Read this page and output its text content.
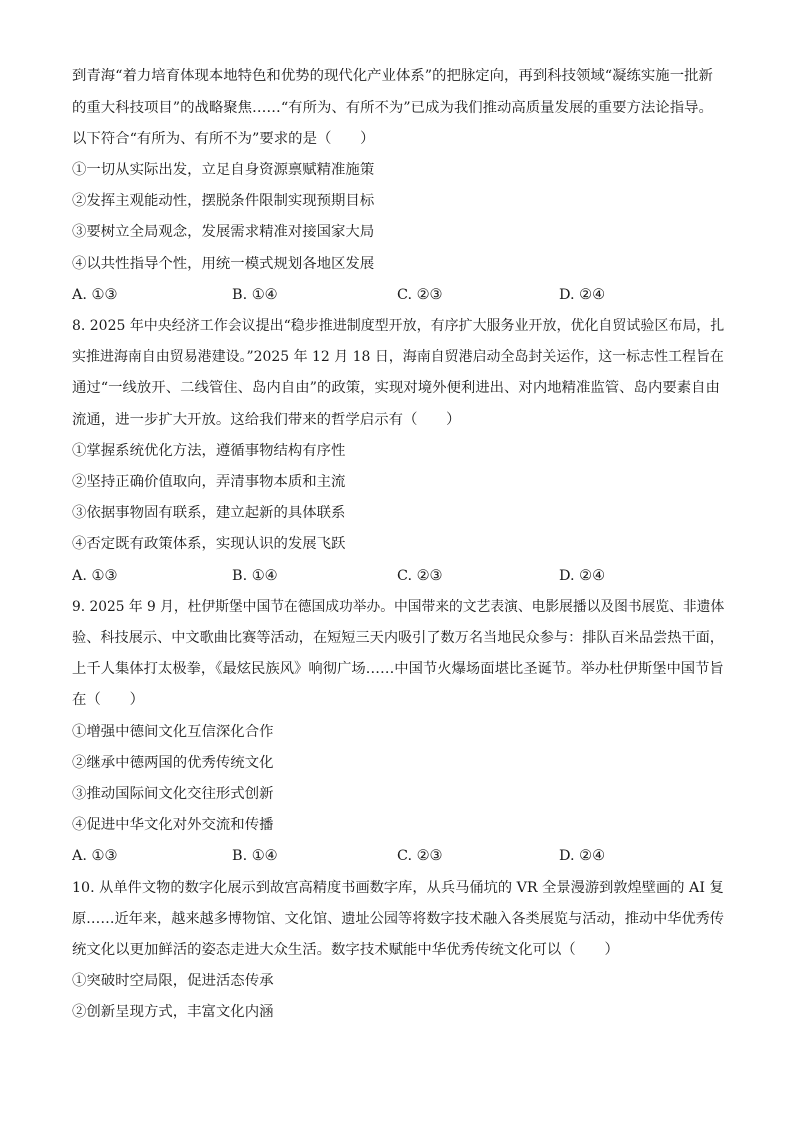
到青海“着力培育体现本地特色和优势的现代化产业体系”的把脉定向，再到科技领域“凝练实施一批新
的重大科技项目”的战略聚焦……“有所为、有所不为”已成为我们推动高质量发展的重要方法论指导。
以下符合“有所为、有所不为”要求的是（　　）
①一切从实际出发，立足自身资源禀赋精准施策
②发挥主观能动性，摆脱条件限制实现预期目标
③要树立全局观念，发展需求精准对接国家大局
④以共性指导个性，用统一模式规划各地区发展
A. ①③	B. ①④	C. ②③	D. ②④
8. 2025 年中央经济工作会议提出“稳步推进制度型开放，有序扩大服务业开放，优化自贸试验区布局，扎
实推进海南自由贸易港建设。”2025 年 12 月 18 日，海南自贸港启动全岛封关运作，这一标志性工程旨在
通过“一线放开、二线管住、岛内自由”的政策，实现对境外便利进出、对内地精准监管、岛内要素自由
流通，进一步扩大开放。这给我们带来的哲学启示有（　　）
①掌握系统优化方法，遵循事物结构有序性
②坚持正确价值取向，弄清事物本质和主流
③依据事物固有联系，建立起新的具体联系
④否定既有政策体系，实现认识的发展飞跃
A. ①③	B. ①④	C. ②③	D. ②④
9. 2025 年 9 月，杜伊斯堡中国节在德国成功举办。中国带来的文艺表演、电影展播以及图书展览、非遗体
验、科技展示、中文歌曲比赛等活动，在短短三天内吸引了数万名当地民众参与：排队百米品尝热干面，
上千人集体打太极拳，《最炫民族风》响彻广场……中国节火爆场面堪比圣诞节。举办杜伊斯堡中国节旨
在（　　）
①增强中德间文化互信深化合作
②继承中德两国的优秀传统文化
③推动国际间文化交往形式创新
④促进中华文化对外交流和传播
A. ①③	B. ①④	C. ②③	D. ②④
10. 从单件文物的数字化展示到故宫高精度书画数字库，从兵马俑坑的 VR 全景漫游到敦煌壁画的 AI 复
原……近年来，越来越多博物馆、文化馆、遗址公园等将数字技术融入各类展览与活动，推动中华优秀传
统文化以更加鲜活的姿态走进大众生活。数字技术赋能中华优秀传统文化可以（　　）
①突破时空局限，促进活态传承
②创新呈现方式，丰富文化内涵
